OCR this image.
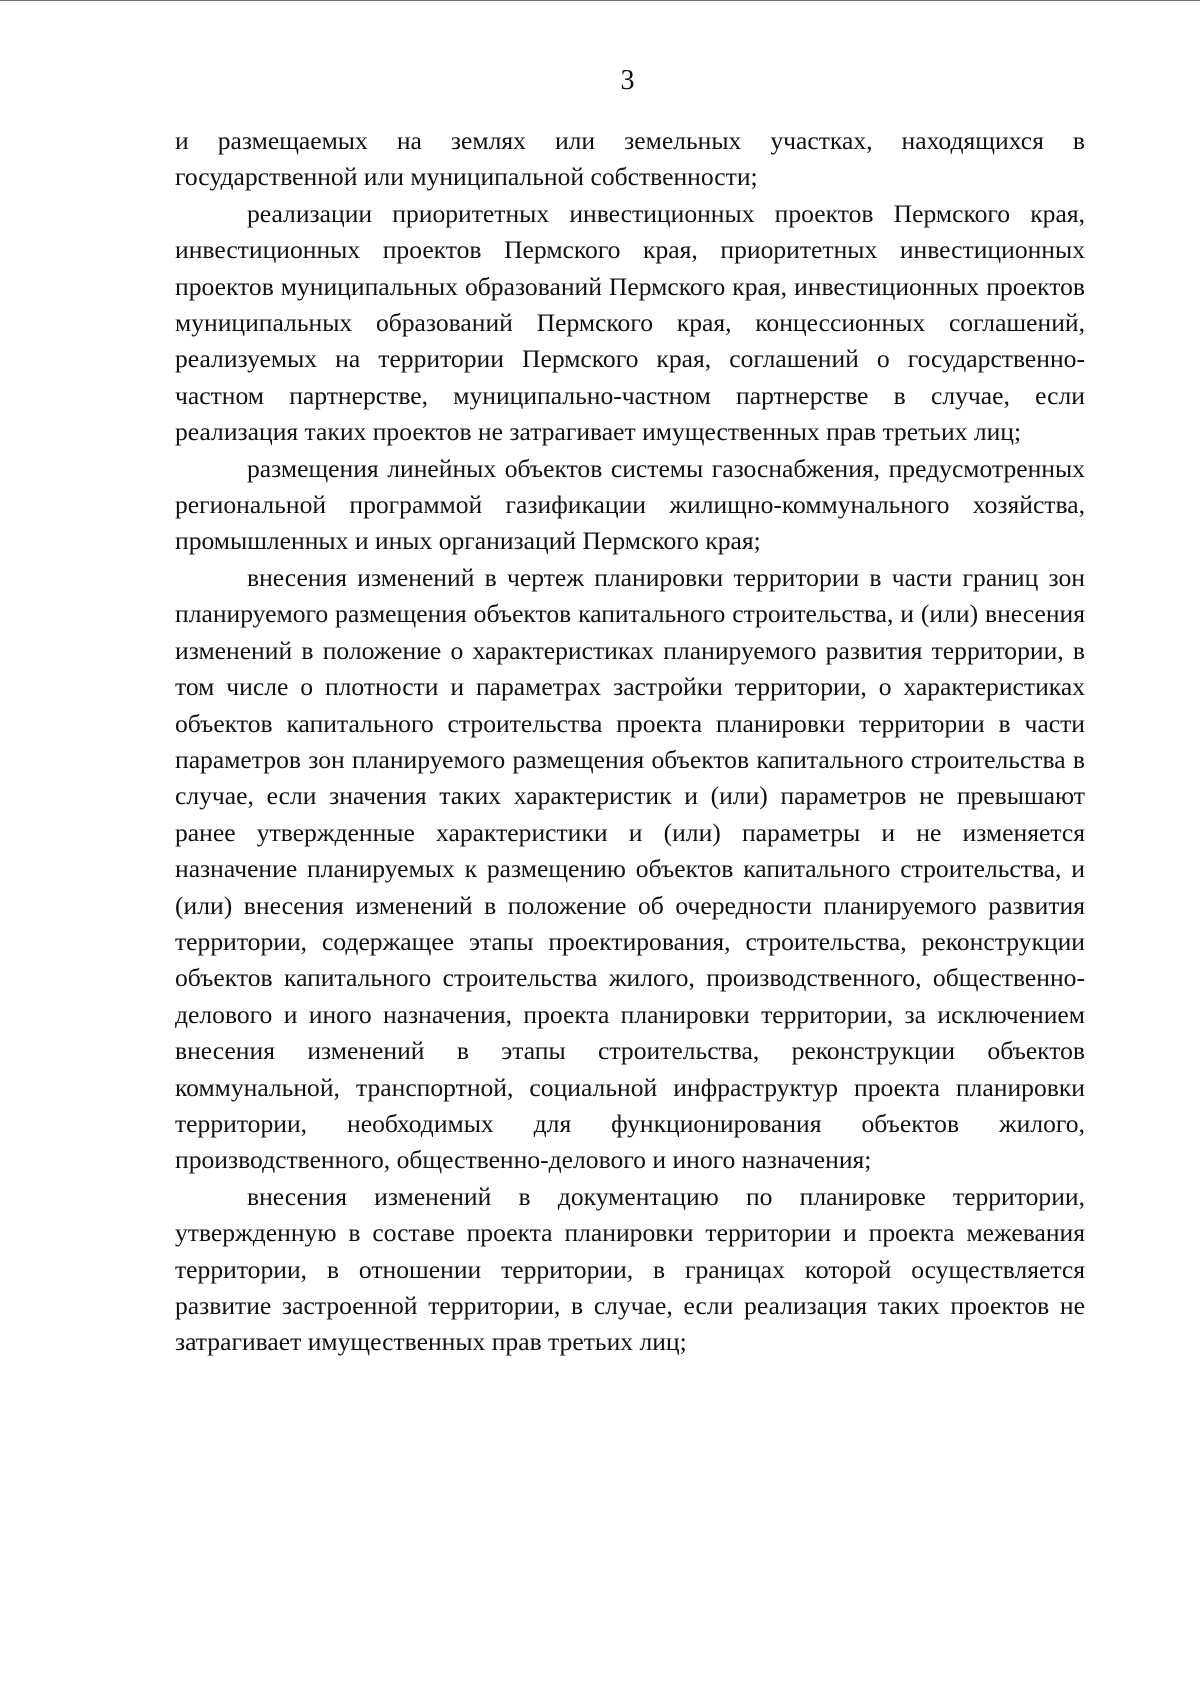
3

и размещаемых на землях или земельных участках, находящихся в государственной или муниципальной собственности;

реализации приоритетных инвестиционных проектов Пермского края, инвестиционных проектов Пермского края, приоритетных инвестиционных проектов муниципальных образований Пермского края, инвестиционных проектов муниципальных образований Пермского края, концессионных соглашений, реализуемых на территории Пермского края, соглашений о государственно-частном партнерстве, муниципально-частном партнерстве в случае, если реализация таких проектов не затрагивает имущественных прав третьих лиц;

размещения линейных объектов системы газоснабжения, предусмотренных региональной программой газификации жилищно-коммунального хозяйства, промышленных и иных организаций Пермского края;

внесения изменений в чертеж планировки территории в части границ зон планируемого размещения объектов капитального строительства, и (или) внесения изменений в положение о характеристиках планируемого развития территории, в том числе о плотности и параметрах застройки территории, о характеристиках объектов капитального строительства проекта планировки территории в части параметров зон планируемого размещения объектов капитального строительства в случае, если значения таких характеристик и (или) параметров не превышают ранее утвержденные характеристики и (или) параметры и не изменяется назначение планируемых к размещению объектов капитального строительства, и (или) внесения изменений в положение об очередности планируемого развития территории, содержащее этапы проектирования, строительства, реконструкции объектов капитального строительства жилого, производственного, общественно-делового и иного назначения, проекта планировки территории, за исключением внесения изменений в этапы строительства, реконструкции объектов коммунальной, транспортной, социальной инфраструктур проекта планировки территории, необходимых для функционирования объектов жилого, производственного, общественно-делового и иного назначения;

внесения изменений в документацию по планировке территории, утвержденную в составе проекта планировки территории и проекта межевания территории, в отношении территории, в границах которой осуществляется развитие застроенной территории, в случае, если реализация таких проектов не затрагивает имущественных прав третьих лиц;
